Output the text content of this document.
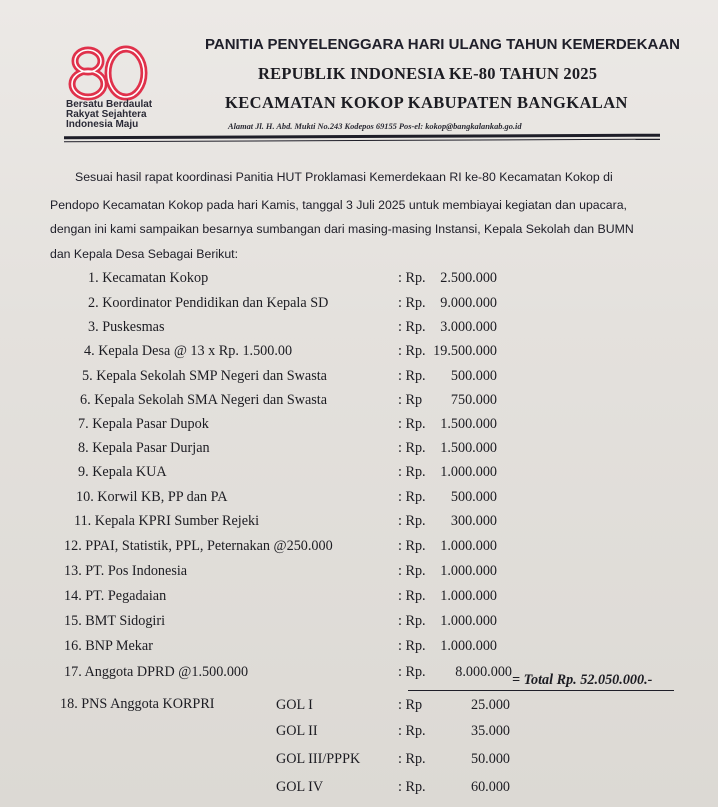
80
Bersatu Berdaulat
Rakyat Sejahtera
Indonesia Maju
PANITIA PENYELENGGARA HARI ULANG TAHUN KEMERDEKAAN
REPUBLIK INDONESIA KE-80 TAHUN 2025
KECAMATAN KOKOP KABUPATEN BANGKALAN
Alamat Jl. H. Abd. Mukti No.243 Kodepos 69155 Pos-el: kokop@bangkalankab.go.id
Sesuai hasil rapat koordinasi Panitia HUT Proklamasi Kemerdekaan RI ke-80 Kecamatan Kokop di
Pendopo Kecamatan Kokop pada hari Kamis, tanggal 3 Juli 2025 untuk membiayai kegiatan dan upacara,
dengan ini kami sampaikan besarnya sumbangan dari masing-masing Instansi, Kepala Sekolah dan BUMN
dan Kepala Desa Sebagai Berikut:
1. Kecamatan Kokop	: Rp.	2.500.000
2. Koordinator Pendidikan dan Kepala SD	: Rp.	9.000.000
3. Puskesmas	: Rp.	3.000.000
4. Kepala Desa @ 13 x Rp. 1.500.00	: Rp. 19.500.000
5. Kepala Sekolah SMP Negeri dan Swasta	: Rp.	500.000
6. Kepala Sekolah SMA Negeri dan Swasta	: Rp	750.000
7. Kepala Pasar Dupok	: Rp.	1.500.000
8. Kepala Pasar Durjan	: Rp.	1.500.000
9. Kepala KUA	: Rp.	1.000.000
10. Korwil KB, PP dan PA	: Rp.	500.000
11. Kepala KPRI Sumber Rejeki	: Rp.	300.000
12. PPAI, Statistik, PPL, Peternakan @250.000	: Rp.	1.000.000
13. PT. Pos Indonesia	: Rp.	1.000.000
14. PT. Pegadaian	: Rp.	1.000.000
15. BMT Sidogiri	: Rp.	1.000.000
16. BNP Mekar	: Rp.	1.000.000
17. Anggota DPRD @1.500.000	: Rp.	8.000.000 = Total Rp. 52.050.000.-
18. PNS Anggota KORPRI	GOL I	: Rp	25.000
GOL II	: Rp.	35.000
GOL III/PPPK	: Rp.	50.000
GOL IV	: Rp.	60.000
